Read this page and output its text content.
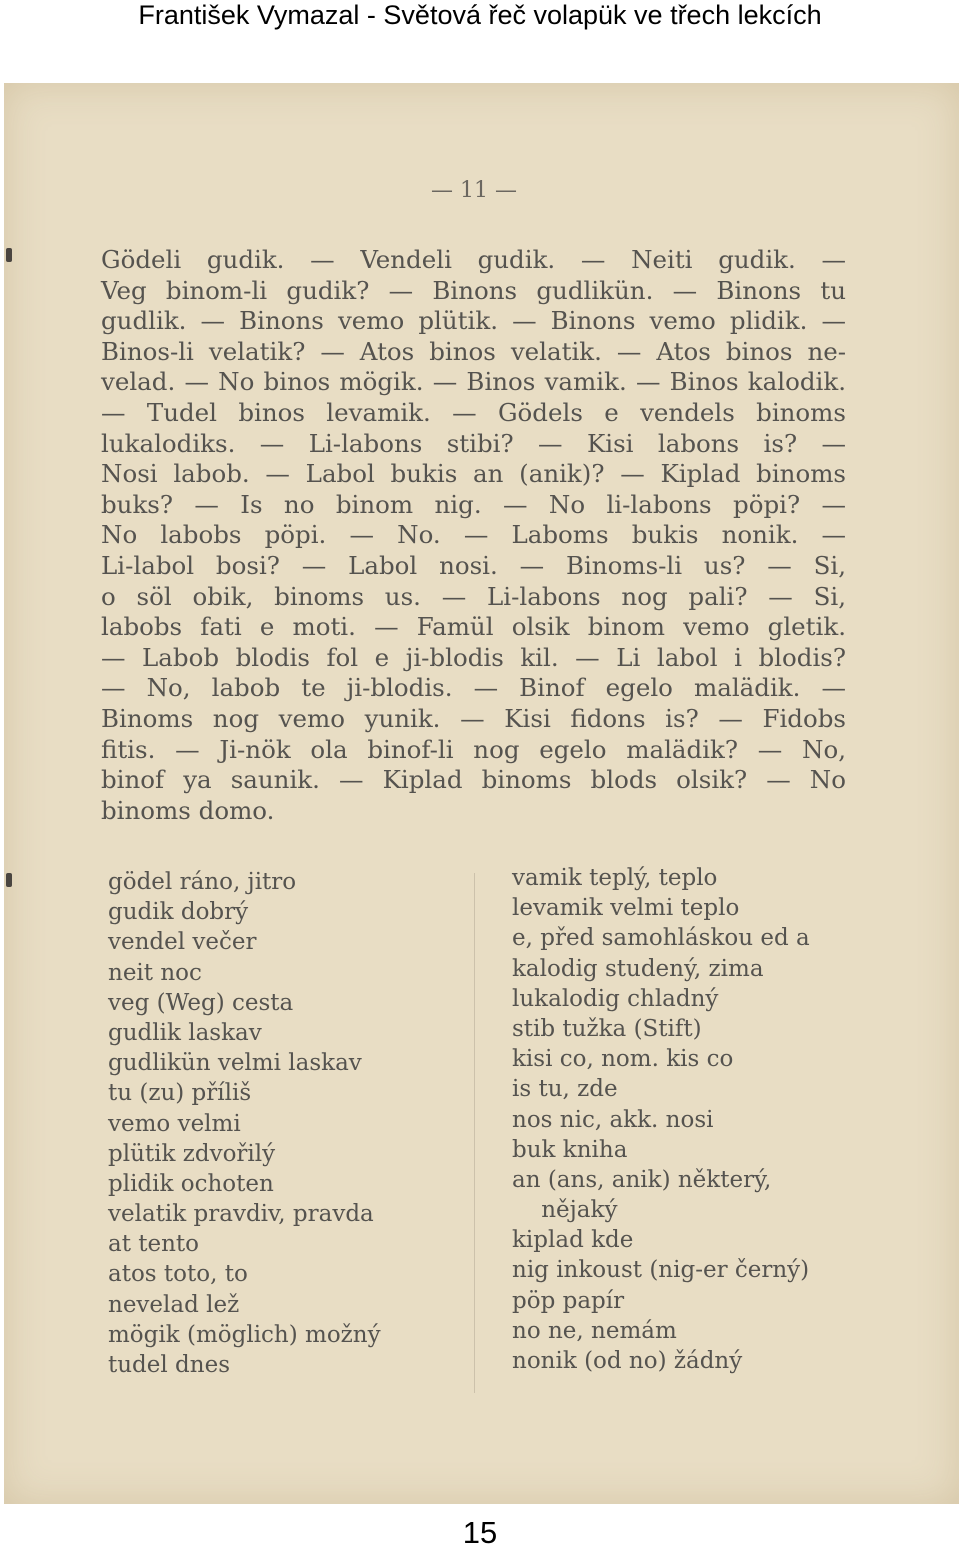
František Vymazal - Světová řeč volapük ve třech lekcích
— 11 —
Gödeli gudik. — Vendeli gudik. — Neiti gudik. —
Veg binom-li gudik? — Binons gudlikün. — Binons tu
gudlik. — Binons vemo plütik. — Binons vemo plidik. —
Binos-li velatik? — Atos binos velatik. — Atos binos ne-
velad. — No binos mögik. — Binos vamik. — Binos kalodik.
— Tudel binos levamik. — Gödels e vendels binoms
lukalodiks. — Li-labons stibi? — Kisi labons is? —
Nosi labob. — Labol bukis an (anik)? — Kiplad binoms
buks? — Is no binom nig. — No li-labons pöpi? —
No labobs pöpi. — No. — Laboms bukis nonik. —
Li-labol bosi? — Labol nosi. — Binoms-li us? — Si,
o söl obik, binoms us. — Li-labons nog pali? — Si,
labobs fati e moti. — Famül olsik binom vemo gletik.
— Labob blodis fol e ji-blodis kil. — Li labol i blodis?
— No, labob te ji-blodis. — Binof egelo malädik. —
Binoms nog vemo yunik. — Kisi fidons is? — Fidobs
fitis. — Ji-nök ola binof-li nog egelo malädik? — No,
binof ya saunik. — Kiplad binoms blods olsik? — No
binoms domo.
gödel ráno, jitro
gudik dobrý
vendel večer
neit noc
veg (Weg) cesta
gudlik laskav
gudlikün velmi laskav
tu (zu) příliš
vemo velmi
plütik zdvořilý
plidik ochoten
velatik pravdiv, pravda
at tento
atos toto, to
nevelad lež
mögik (möglich) možný
tudel dnes
vamik teplý, teplo
levamik velmi teplo
e, před samohláskou ed a
kalodig studený, zima
lukalodig chladný
stib tužka (Stift)
kisi co, nom. kis co
is tu, zde
nos nic, akk. nosi
buk kniha
an (ans, anik) některý,
nějaký
kiplad kde
nig inkoust (nig-er černý)
pöp papír
no ne, nemám
nonik (od no) žádný
15
